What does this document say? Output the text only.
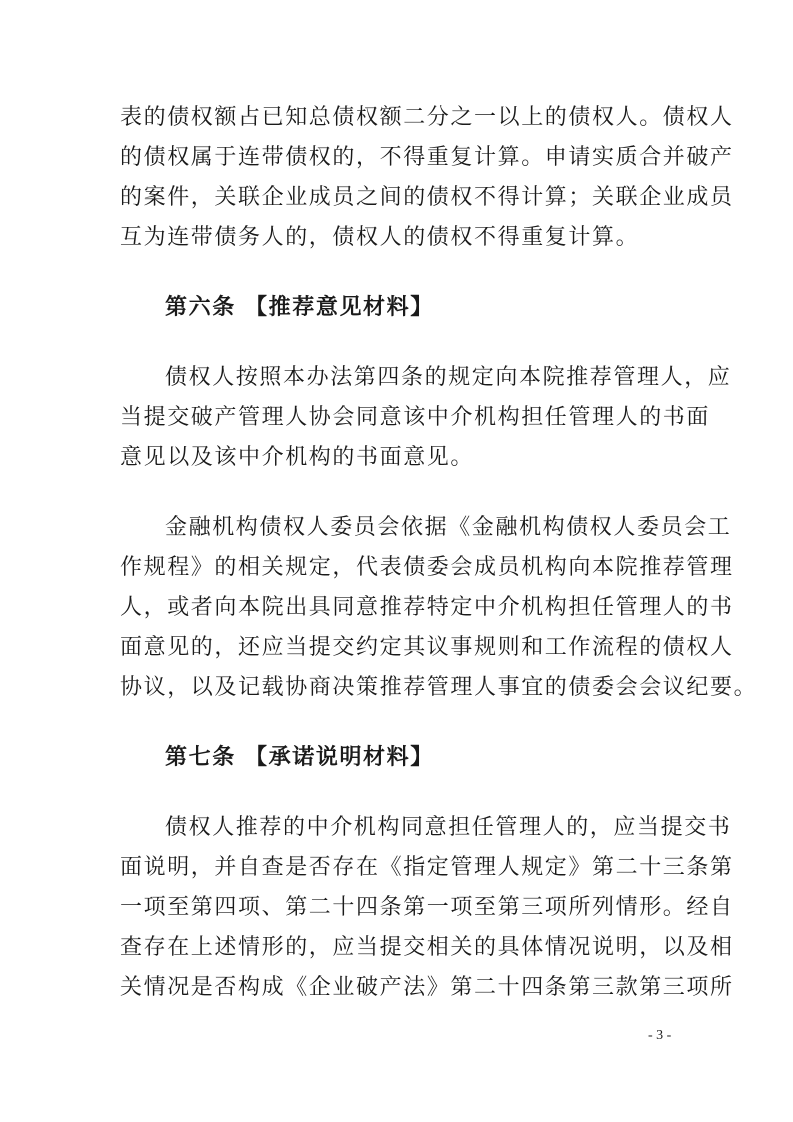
表的债权额占已知总债权额二分之一以上的债权人。债权人
的债权属于连带债权的，不得重复计算。申请实质合并破产
的案件，关联企业成员之间的债权不得计算；关联企业成员
互为连带债务人的，债权人的债权不得重复计算。
第六条 【推荐意见材料】
债权人按照本办法第四条的规定向本院推荐管理人，应
当提交破产管理人协会同意该中介机构担任管理人的书面
意见以及该中介机构的书面意见。
金融机构债权人委员会依据《金融机构债权人委员会工
作规程》的相关规定，代表债委会成员机构向本院推荐管理
人，或者向本院出具同意推荐特定中介机构担任管理人的书
面意见的，还应当提交约定其议事规则和工作流程的债权人
协议，以及记载协商决策推荐管理人事宜的债委会会议纪要。
第七条 【承诺说明材料】
债权人推荐的中介机构同意担任管理人的，应当提交书
面说明，并自查是否存在《指定管理人规定》第二十三条第
一项至第四项、第二十四条第一项至第三项所列情形。经自
查存在上述情形的，应当提交相关的具体情况说明，以及相
关情况是否构成《企业破产法》第二十四条第三款第三项所
- 3 -
